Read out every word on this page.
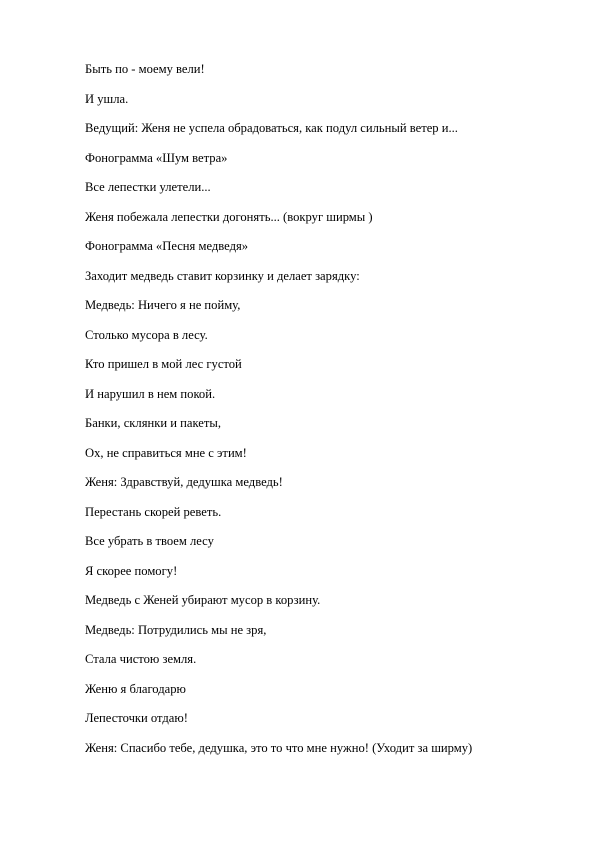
Быть по - моему вели!
И ушла.
Ведущий: Женя не успела обрадоваться, как подул сильный ветер и...
Фонограмма «Шум ветра»
Все лепестки улетели...
Женя побежала лепестки догонять... (вокруг ширмы )
Фонограмма «Песня медведя»
Заходит медведь ставит корзинку и делает зарядку:
Медведь: Ничего я не пойму,
Столько мусора в лесу.
Кто пришел в мой лес густой
И нарушил в нем покой.
Банки, склянки и пакеты,
Ох, не справиться мне с этим!
Женя: Здравствуй, дедушка медведь!
Перестань скорей реветь.
Все убрать в твоем лесу
Я скорее помогу!
Медведь с Женей убирают мусор в корзину.
Медведь: Потрудились мы не зря,
Стала чистою земля.
Женю я благодарю
Лепесточки отдаю!
Женя: Спасибо тебе, дедушка, это то что мне нужно! (Уходит за ширму)
